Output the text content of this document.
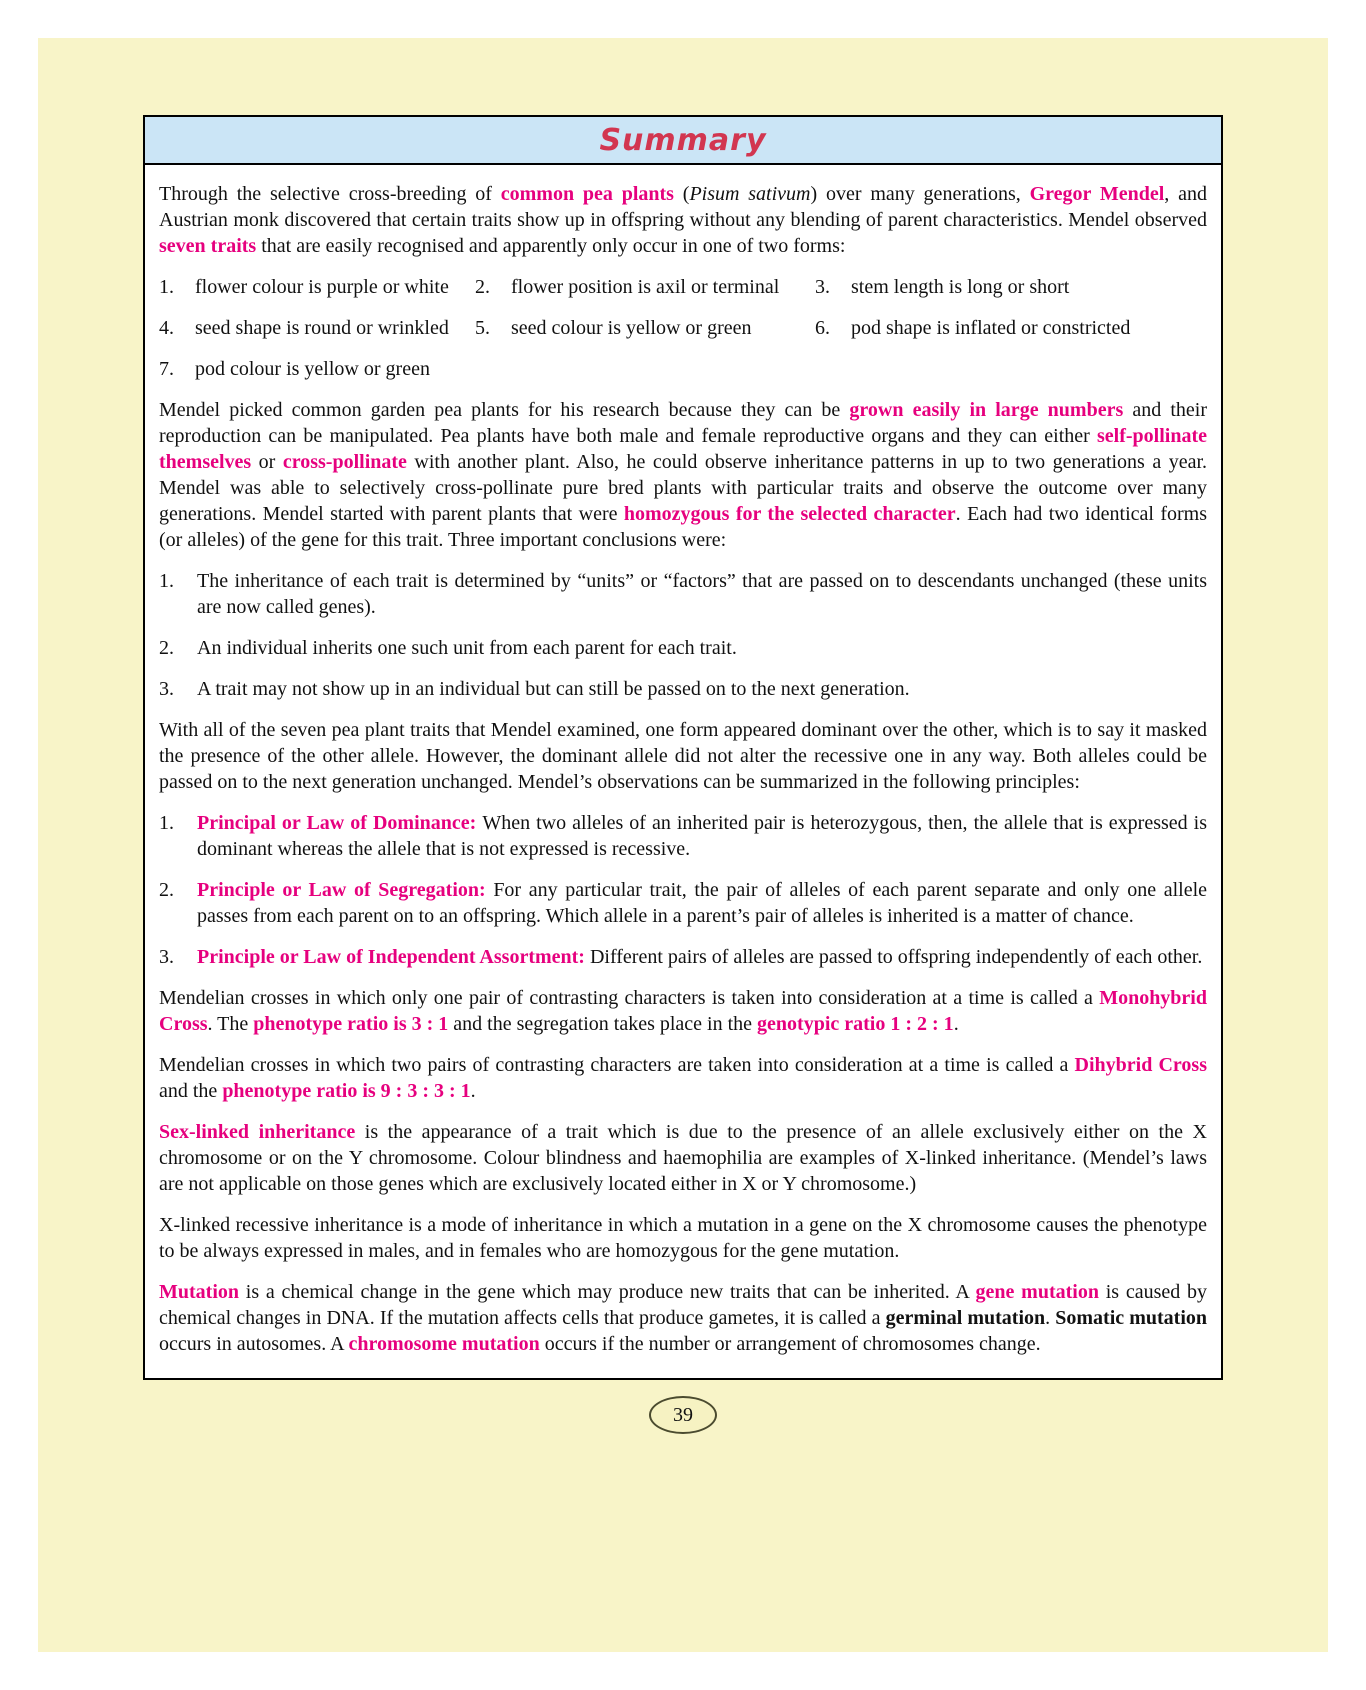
Summary

Through the selective cross-breeding of common pea plants (Pisum sativum) over many generations, Gregor Mendel, and Austrian monk discovered that certain traits show up in offspring without any blending of parent characteristics. Mendel observed seven traits that are easily recognised and apparently only occur in one of two forms:

1.	flower colour is purple or white 2.	flower position is axil or terminal 3.	stem length is long or short
4.	seed shape is round or wrinkled 5.	seed colour is yellow or green	6.	pod shape is inflated or constricted
7.	pod colour is yellow or green

Mendel picked common garden pea plants for his research because they can be grown easily in large numbers and their reproduction can be manipulated. Pea plants have both male and female reproductive organs and they can either self-pollinate themselves or cross-pollinate with another plant. Also, he could observe inheritance patterns in up to two generations a year. Mendel was able to selectively cross-pollinate pure bred plants with particular traits and observe the outcome over many generations. Mendel started with parent plants that were homozygous for the selected character. Each had two identical forms (or alleles) of the gene for this trait. Three important conclusions were:

1.	The inheritance of each trait is determined by “units” or “factors” that are passed on to descendants unchanged (these units are now called genes).
2.	An individual inherits one such unit from each parent for each trait.
3.	A trait may not show up in an individual but can still be passed on to the next generation.

With all of the seven pea plant traits that Mendel examined, one form appeared dominant over the other, which is to say it masked the presence of the other allele. However, the dominant allele did not alter the recessive one in any way. Both alleles could be passed on to the next generation unchanged. Mendel’s observations can be summarized in the following principles:

1.	Principal or Law of Dominance: When two alleles of an inherited pair is heterozygous, then, the allele that is expressed is dominant whereas the allele that is not expressed is recessive.
2.	Principle or Law of Segregation: For any particular trait, the pair of alleles of each parent separate and only one allele passes from each parent on to an offspring. Which allele in a parent’s pair of alleles is inherited is a matter of chance.
3.	Principle or Law of Independent Assortment: Different pairs of alleles are passed to offspring independently of each other.

Mendelian crosses in which only one pair of contrasting characters is taken into consideration at a time is called a Monohybrid Cross. The phenotype ratio is 3 : 1 and the segregation takes place in the genotypic ratio 1 : 2 : 1.

Mendelian crosses in which two pairs of contrasting characters are taken into consideration at a time is called a Dihybrid Cross and the phenotype ratio is 9 : 3 : 3 : 1.

Sex-linked inheritance is the appearance of a trait which is due to the presence of an allele exclusively either on the X chromosome or on the Y chromosome. Colour blindness and haemophilia are examples of X-linked inheritance. (Mendel’s laws are not applicable on those genes which are exclusively located either in X or Y chromosome.)

X-linked recessive inheritance is a mode of inheritance in which a mutation in a gene on the X chromosome causes the phenotype to be always expressed in males, and in females who are homozygous for the gene mutation.

Mutation is a chemical change in the gene which may produce new traits that can be inherited. A gene mutation is caused by chemical changes in DNA. If the mutation affects cells that produce gametes, it is called a germinal mutation. Somatic mutation occurs in autosomes. A chromosome mutation occurs if the number or arrangement of chromosomes change.

39
